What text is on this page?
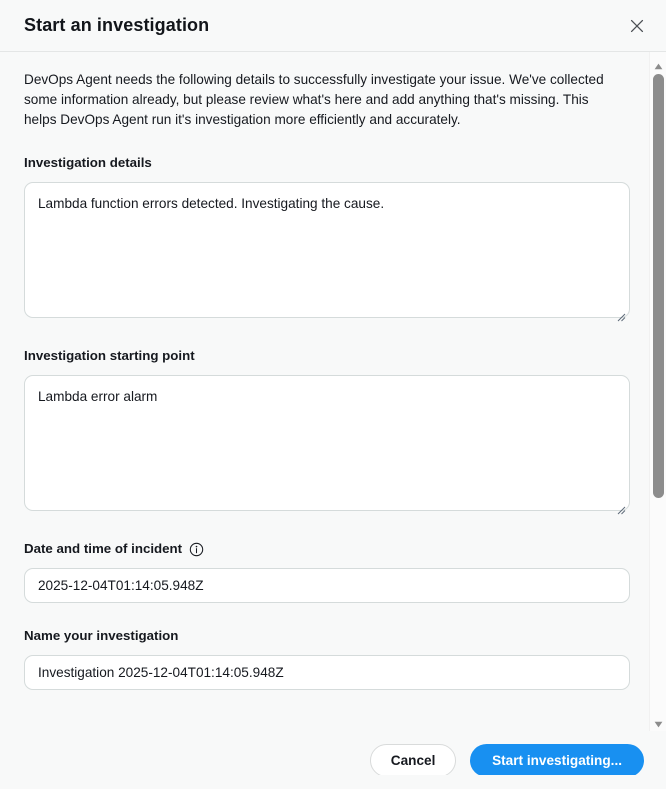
Start an investigation

DevOps Agent needs the following details to successfully investigate your issue. We've collected some information already, but please review what's here and add anything that's missing. This helps DevOps Agent run it's investigation more efficiently and accurately.

Investigation details
Lambda function errors detected. Investigating the cause.
Investigation starting point
Lambda error alarm
Date and time of incident
2025-12-04T01:14:05.948Z
Name your investigation
Investigation 2025-12-04T01:14:05.948Z
Cancel	Start investigating...
